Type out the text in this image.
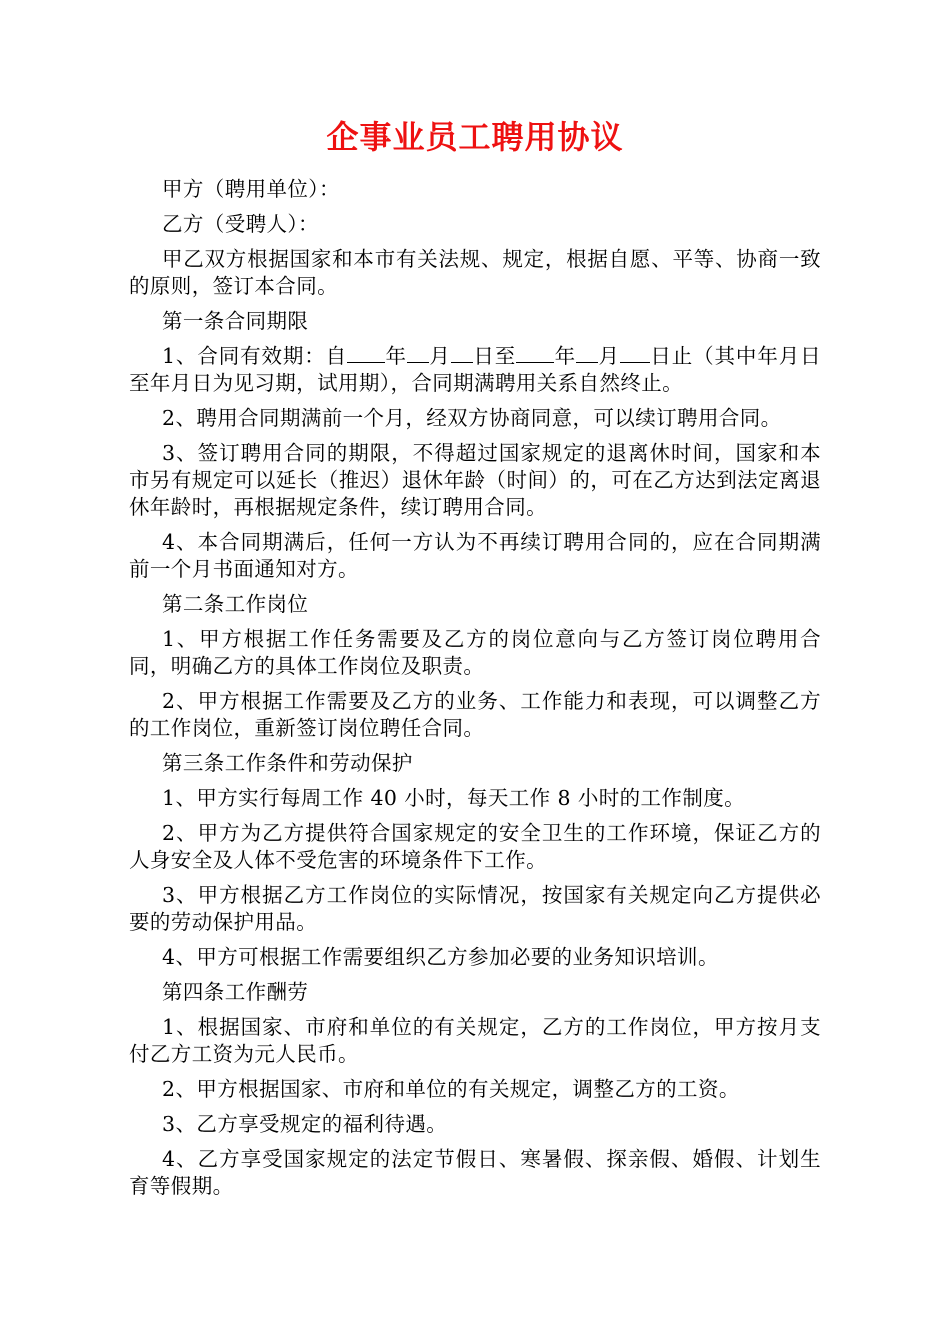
企事业员工聘用协议

甲方（聘用单位）：

乙方（受聘人）：

甲乙双方根据国家和本市有关法规、规定，根据自愿、平等、协商一致的原则，签订本合同。

第一条合同期限

1、合同有效期：自 年 月 日至 年 月 日止（其中年月日至年月日为见习期，试用期），合同期满聘用关系自然终止。

2、聘用合同期满前一个月，经双方协商同意，可以续订聘用合同。

3、签订聘用合同的期限，不得超过国家规定的退离休时间，国家和本市另有规定可以延长（推迟）退休年龄（时间）的，可在乙方达到法定离退休年龄时，再根据规定条件，续订聘用合同。

4、本合同期满后，任何一方认为不再续订聘用合同的，应在合同期满前一个月书面通知对方。

第二条工作岗位

1、甲方根据工作任务需要及乙方的岗位意向与乙方签订岗位聘用合同，明确乙方的具体工作岗位及职责。

2、甲方根据工作需要及乙方的业务、工作能力和表现，可以调整乙方的工作岗位，重新签订岗位聘任合同。

第三条工作条件和劳动保护

1、甲方实行每周工作 40 小时，每天工作 8 小时的工作制度。

2、甲方为乙方提供符合国家规定的安全卫生的工作环境，保证乙方的人身安全及人体不受危害的环境条件下工作。

3、甲方根据乙方工作岗位的实际情况，按国家有关规定向乙方提供必要的劳动保护用品。

4、甲方可根据工作需要组织乙方参加必要的业务知识培训。

第四条工作酬劳

1、根据国家、市府和单位的有关规定，乙方的工作岗位，甲方按月支付乙方工资为元人民币。

2、甲方根据国家、市府和单位的有关规定，调整乙方的工资。

3、乙方享受规定的福利待遇。

4、乙方享受国家规定的法定节假日、寒暑假、探亲假、婚假、计划生育等假期。
